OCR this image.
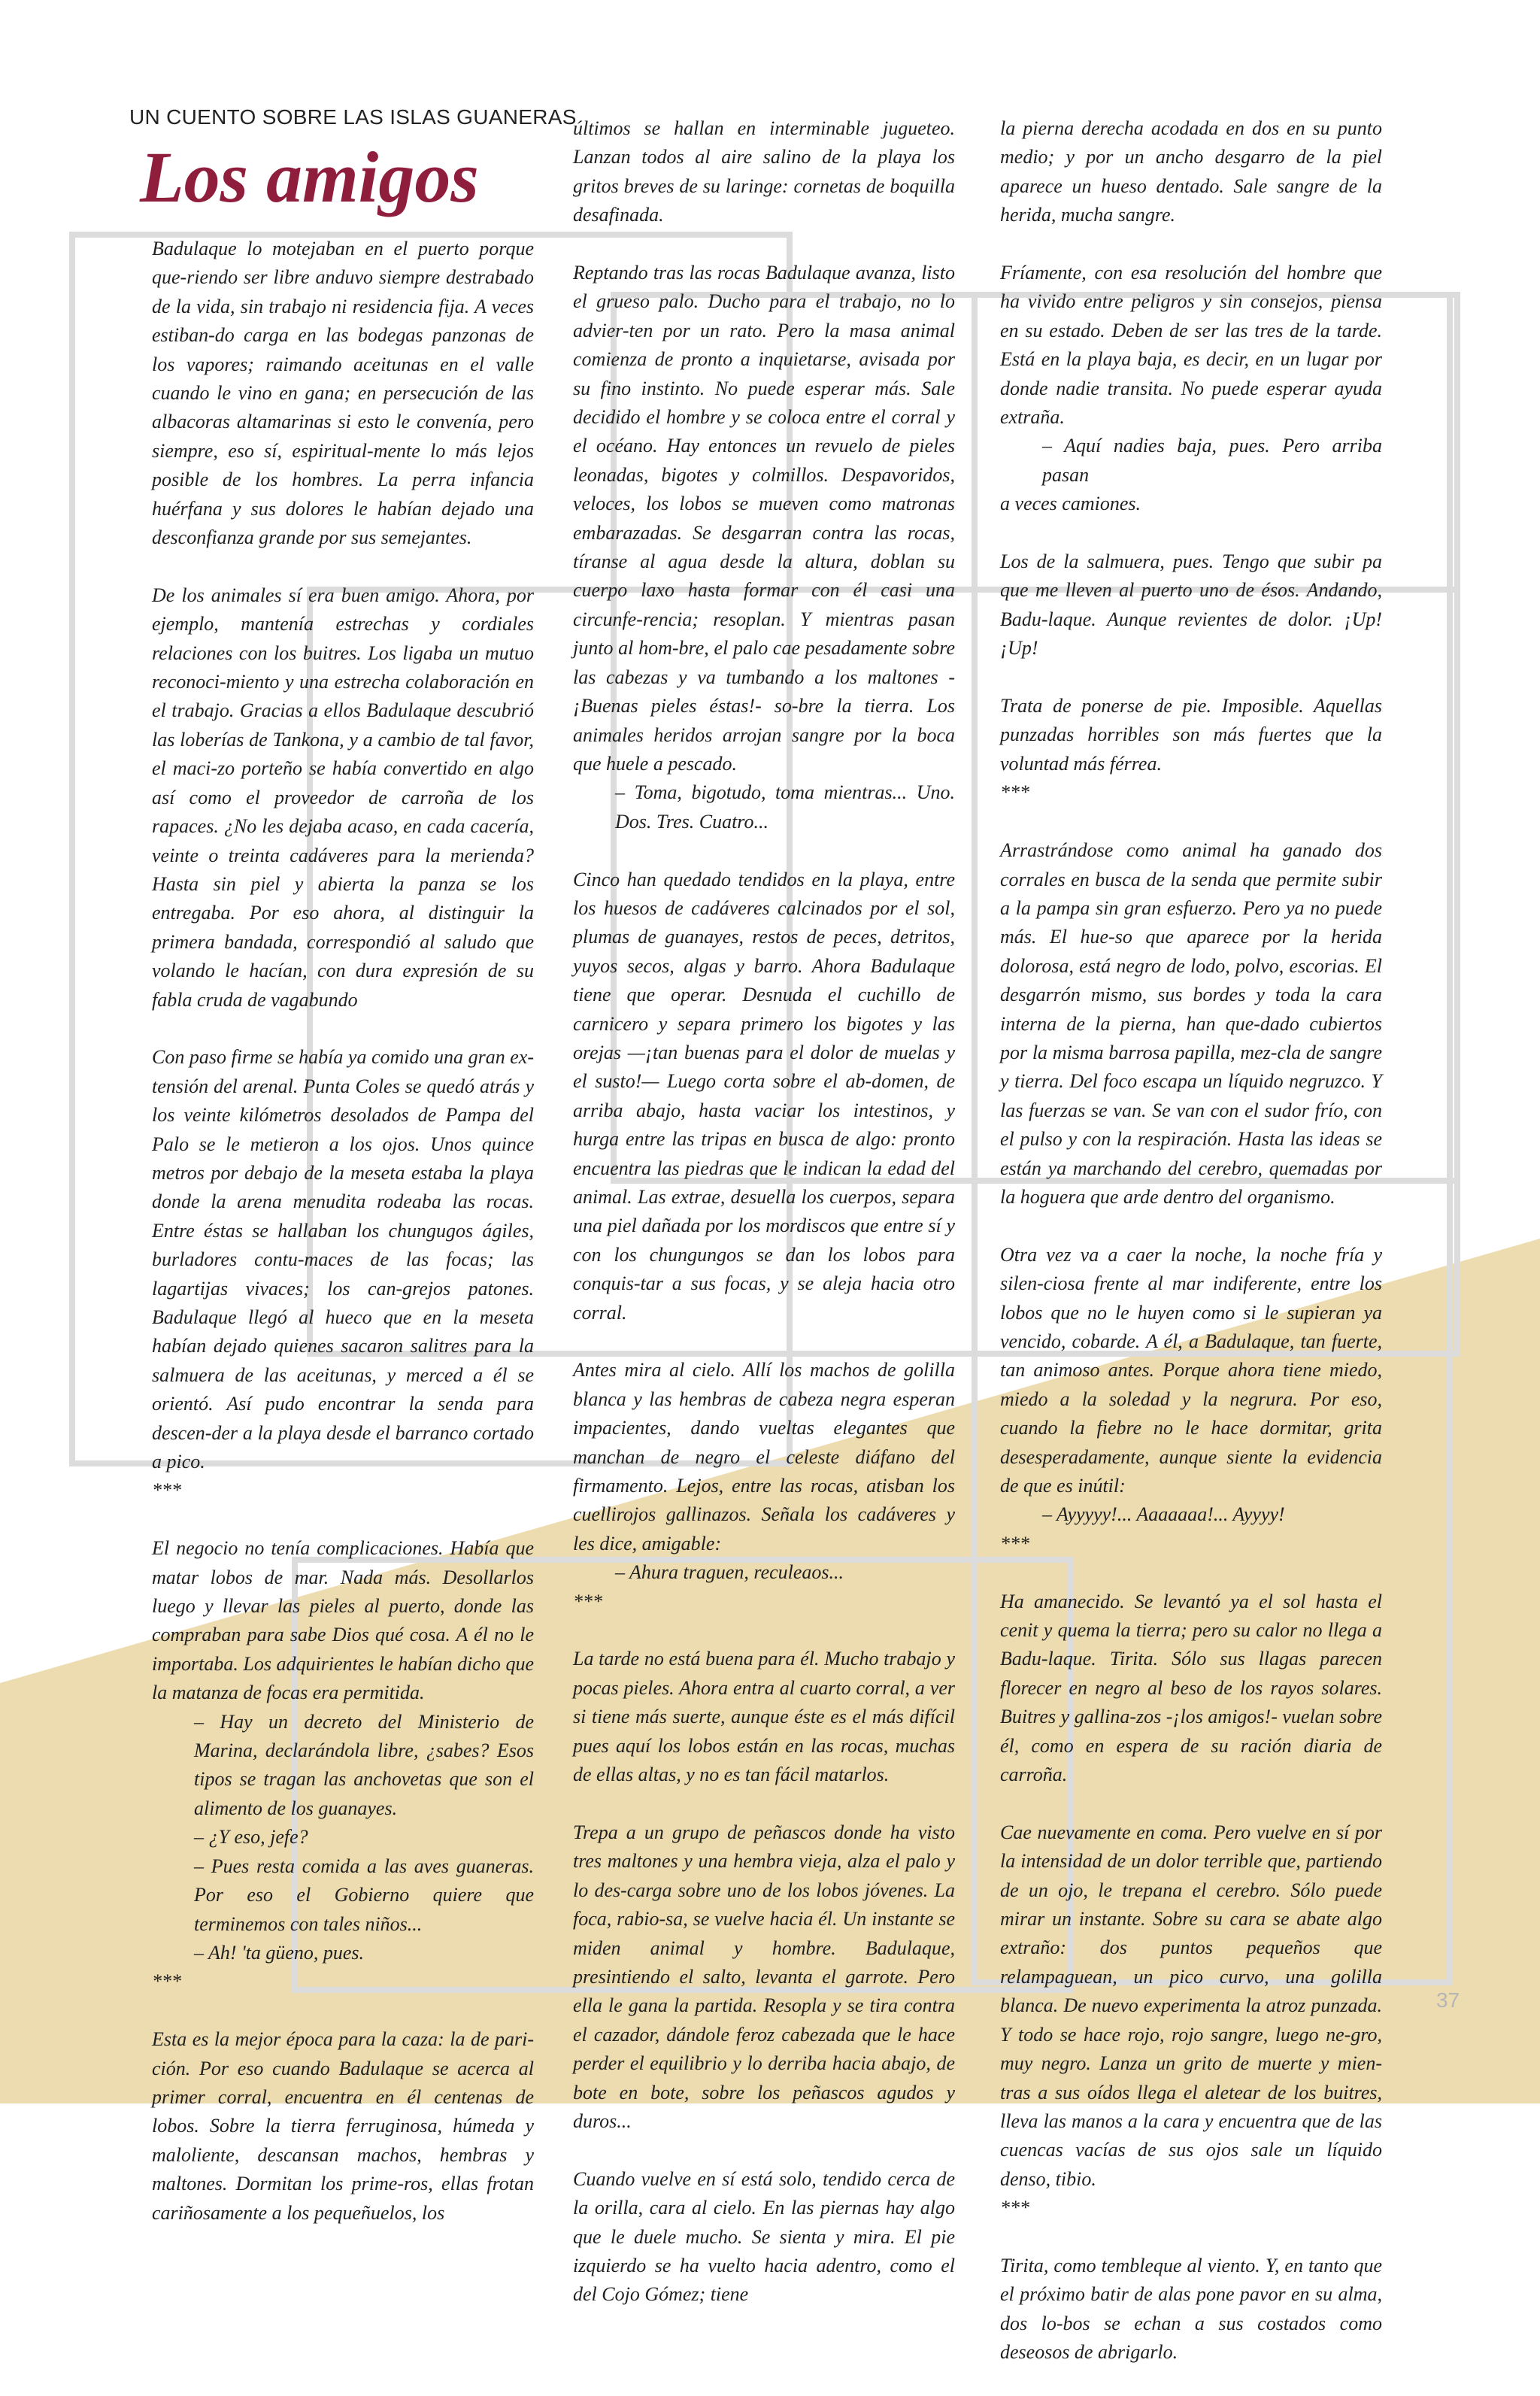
UN CUENTO SOBRE LAS ISLAS GUANERAS
Los amigos

Badulaque lo motejaban en el puerto porque que-riendo ser libre anduvo siempre destrabado de la vida, sin trabajo ni residencia fija. A veces estiban-do carga en las bodegas panzonas de los vapores; raimando aceitunas en el valle cuando le vino en gana; en persecución de las albacoras altamarinas si esto le convenía, pero siempre, eso sí, espiritual-mente lo más lejos posible de los hombres. La perra infancia huérfana y sus dolores le habían dejado una desconfianza grande por sus semejantes.

De los animales sí era buen amigo. Ahora, por ejemplo, mantenía estrechas y cordiales relaciones con los buitres. Los ligaba un mutuo reconoci-miento y una estrecha colaboración en el trabajo. Gracias a ellos Badulaque descubrió las loberías de Tankona, y a cambio de tal favor, el maci-zo porteño se había convertido en algo así como el proveedor de carroña de los rapaces. ¿No les dejaba acaso, en cada cacería, veinte o treinta cadáveres para la merienda? Hasta sin piel y abierta la panza se los entregaba. Por eso ahora, al distinguir la primera bandada, correspondió al saludo que volando le hacían, con dura expresión de su fabla cruda de vagabundo

Con paso firme se había ya comido una gran ex-tensión del arenal. Punta Coles se quedó atrás y los veinte kilómetros desolados de Pampa del Palo se le metieron a los ojos. Unos quince metros por debajo de la meseta estaba la playa donde la arena menudita rodeaba las rocas. Entre éstas se hallaban los chungugos ágiles, burladores contu-maces de las focas; las lagartijas vivaces; los can-grejos patones. Badulaque llegó al hueco que en la meseta habían dejado quienes sacaron salitres para la salmuera de las aceitunas, y merced a él se orientó. Así pudo encontrar la senda para descen-der a la playa desde el barranco cortado a pico.
***

El negocio no tenía complicaciones. Había que matar lobos de mar. Nada más. Desollarlos luego y llevar las pieles al puerto, donde las compraban para sabe Dios qué cosa. A él no le importaba. Los adquirientes le habían dicho que la matanza de focas era permitida.
– Hay un decreto del Ministerio de Marina, declarándola libre, ¿sabes? Esos tipos se tragan las anchovetas que son el alimento de los guanayes.
– ¿Y eso, jefe?
– Pues resta comida a las aves guaneras. Por eso el Gobierno quiere que terminemos con tales niños...
– Ah! 'ta güeno, pues.
***

Esta es la mejor época para la caza: la de pari-ción. Por eso cuando Badulaque se acerca al primer corral, encuentra en él centenas de lobos. Sobre la tierra ferruginosa, húmeda y maloliente, descansan machos, hembras y maltones. Dormitan los prime-ros, ellas frotan cariñosamente a los pequeñuelos, los

últimos se hallan en interminable jugueteo. Lanzan todos al aire salino de la playa los gritos breves de su laringe: cornetas de boquilla desafinada.

Reptando tras las rocas Badulaque avanza, listo el grueso palo. Ducho para el trabajo, no lo advier-ten por un rato. Pero la masa animal comienza de pronto a inquietarse, avisada por su fino instinto. No puede esperar más. Sale decidido el hombre y se coloca entre el corral y el océano. Hay entonces un revuelo de pieles leonadas, bigotes y colmillos. Despavoridos, veloces, los lobos se mueven como matronas embarazadas. Se desgarran contra las rocas, tíranse al agua desde la altura, doblan su cuerpo laxo hasta formar con él casi una circunfe-rencia; resoplan. Y mientras pasan junto al hom-bre, el palo cae pesadamente sobre las cabezas y va tumbando a los maltones -¡Buenas pieles éstas!- so-bre la tierra. Los animales heridos arrojan sangre por la boca que huele a pescado.
– Toma, bigotudo, toma mientras... Uno. Dos. Tres. Cuatro...

Cinco han quedado tendidos en la playa, entre los huesos de cadáveres calcinados por el sol, plumas de guanayes, restos de peces, detritos, yuyos secos, algas y barro. Ahora Badulaque tiene que operar. Desnuda el cuchillo de carnicero y separa primero los bigotes y las orejas —¡tan buenas para el dolor de muelas y el susto!— Luego corta sobre el ab-domen, de arriba abajo, hasta vaciar los intestinos, y hurga entre las tripas en busca de algo: pronto encuentra las piedras que le indican la edad del animal. Las extrae, desuella los cuerpos, separa una piel dañada por los mordiscos que entre sí y con los chungungos se dan los lobos para conquis-tar a sus focas, y se aleja hacia otro corral.

Antes mira al cielo. Allí los machos de golilla blanca y las hembras de cabeza negra esperan impacientes, dando vueltas elegantes que manchan de negro el celeste diáfano del firmamento. Lejos, entre las rocas, atisban los cuellirojos gallinazos. Señala los cadáveres y les dice, amigable:
– Ahura traguen, reculeaos...
***

La tarde no está buena para él. Mucho trabajo y pocas pieles. Ahora entra al cuarto corral, a ver si tiene más suerte, aunque éste es el más difícil pues aquí los lobos están en las rocas, muchas de ellas altas, y no es tan fácil matarlos.

Trepa a un grupo de peñascos donde ha visto tres maltones y una hembra vieja, alza el palo y lo des-carga sobre uno de los lobos jóvenes. La foca, rabio-sa, se vuelve hacia él. Un instante se miden animal y hombre. Badulaque, presintiendo el salto, levanta el garrote. Pero ella le gana la partida. Resopla y se tira contra el cazador, dándole feroz cabezada que le hace perder el equilibrio y lo derriba hacia abajo, de bote en bote, sobre los peñascos agudos y duros...

Cuando vuelve en sí está solo, tendido cerca de la orilla, cara al cielo. En las piernas hay algo que le duele mucho. Se sienta y mira. El pie izquierdo se ha vuelto hacia adentro, como el del Cojo Gómez; tiene

la pierna derecha acodada en dos en su punto medio; y por un ancho desgarro de la piel aparece un hueso dentado. Sale sangre de la herida, mucha sangre.

Fríamente, con esa resolución del hombre que ha vivido entre peligros y sin consejos, piensa en su estado. Deben de ser las tres de la tarde. Está en la playa baja, es decir, en un lugar por donde nadie transita. No puede esperar ayuda extraña.
– Aquí nadies baja, pues. Pero arriba pasan
a veces camiones.

Los de la salmuera, pues. Tengo que subir pa que me lleven al puerto uno de ésos. Andando, Badu-laque. Aunque revientes de dolor. ¡Up! ¡Up!

Trata de ponerse de pie. Imposible. Aquellas punzadas horribles son más fuertes que la voluntad más férrea.
***

Arrastrándose como animal ha ganado dos corrales en busca de la senda que permite subir a la pampa sin gran esfuerzo. Pero ya no puede más. El hue-so que aparece por la herida dolorosa, está negro de lodo, polvo, escorias. El desgarrón mismo, sus bordes y toda la cara interna de la pierna, han que-dado cubiertos por la misma barrosa papilla, mez-cla de sangre y tierra. Del foco escapa un líquido negruzco. Y las fuerzas se van. Se van con el sudor frío, con el pulso y con la respiración. Hasta las ideas se están ya marchando del cerebro, quemadas por la hoguera que arde dentro del organismo.

Otra vez va a caer la noche, la noche fría y silen-ciosa frente al mar indiferente, entre los lobos que no le huyen como si le supieran ya vencido, cobarde. A él, a Badulaque, tan fuerte, tan animoso antes. Porque ahora tiene miedo, miedo a la soledad y la negrura. Por eso, cuando la fiebre no le hace dormitar, grita desesperadamente, aunque siente la evidencia de que es inútil:
– Ayyyyy!... Aaaaaaa!... Ayyyy!
***

Ha amanecido. Se levantó ya el sol hasta el cenit y quema la tierra; pero su calor no llega a Badu-laque. Tirita. Sólo sus llagas parecen florecer en negro al beso de los rayos solares. Buitres y gallina-zos -¡los amigos!- vuelan sobre él, como en espera de su ración diaria de carroña.

Cae nuevamente en coma. Pero vuelve en sí por la intensidad de un dolor terrible que, partiendo de un ojo, le trepana el cerebro. Sólo puede mirar un instante. Sobre su cara se abate algo extraño: dos puntos pequeños que relampaguean, un pico curvo, una golilla blanca. De nuevo experimenta la atroz punzada. Y todo se hace rojo, rojo sangre, luego ne-gro, muy negro. Lanza un grito de muerte y mien-tras a sus oídos llega el aletear de los buitres, lleva las manos a la cara y encuentra que de las cuencas vacías de sus ojos sale un líquido denso, tibio.
***

Tirita, como tembleque al viento. Y, en tanto que el próximo batir de alas pone pavor en su alma, dos lo-bos se echan a sus costados como deseosos de abrigarlo.

37
